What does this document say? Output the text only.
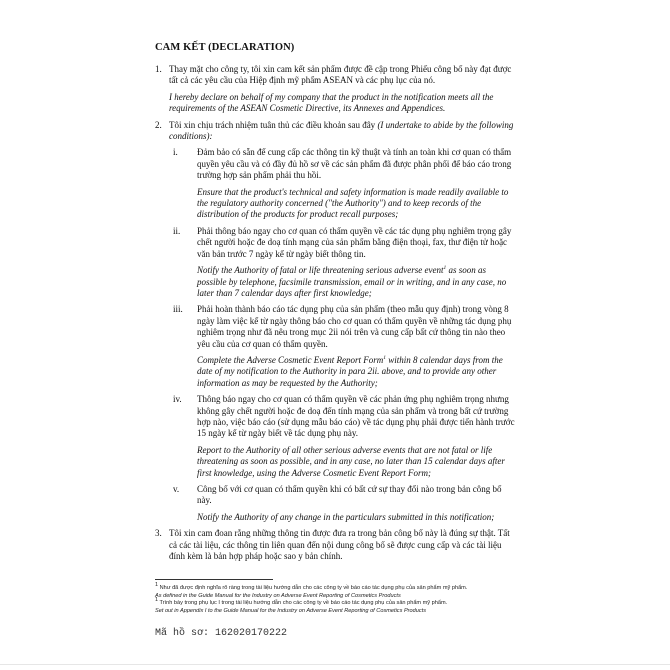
CAM KẾT (DECLARATION)
1. Thay mặt cho công ty, tôi xin cam kết sản phẩm được đề cập trong Phiếu công bố này đạt được tất cả các yêu cầu của Hiệp định mỹ phẩm ASEAN và các phụ lục của nó.

I hereby declare on behalf of my company that the product in the notification meets all the requirements of the ASEAN Cosmetic Directive, its Annexes and Appendices.

2. Tôi xin chịu trách nhiệm tuân thủ các điều khoản sau đây (I undertake to abide by the following conditions):

i. Đảm bảo có sẵn để cung cấp các thông tin kỹ thuật và tính an toàn khi cơ quan có thẩm quyền yêu cầu và có đầy đủ hồ sơ về các sản phẩm đã được phân phối để báo cáo trong trường hợp sản phẩm phải thu hồi.

Ensure that the product's technical and safety information is made readily available to the regulatory authority concerned ("the Authority") and to keep records of the distribution of the products for product recall purposes;

ii. Phải thông báo ngay cho cơ quan có thẩm quyền về các tác dụng phụ nghiêm trọng gây chết người hoặc đe doạ tính mạng của sản phẩm bằng điện thoại, fax, thư điện tử hoặc văn bản trước 7 ngày kể từ ngày biết thông tin.

Notify the Authority of fatal or life threatening serious adverse event$^1$ as soon as possible by telephone, facsimile transmission, email or in writing, and in any case, no later than 7 calendar days after first knowledge;

iii. Phải hoàn thành báo cáo tác dụng phụ của sản phẩm (theo mẫu quy định) trong vòng 8 ngày làm việc kể từ ngày thông báo cho cơ quan có thẩm quyền về những tác dụng phụ nghiêm trọng như đã nêu trong mục 2ii nói trên và cung cấp bất cứ thông tin nào theo yêu cầu của cơ quan có thẩm quyền.

Complete the Adverse Cosmetic Event Report Form$^1$ within 8 calendar days from the date of my notification to the Authority in para 2ii. above, and to provide any other information as may be requested by the Authority;

iv. Thông báo ngay cho cơ quan có thẩm quyền về các phản ứng phụ nghiêm trọng nhưng không gây chết người hoặc đe doạ đến tính mạng của sản phẩm và trong bất cứ trường hợp nào, việc báo cáo (sử dụng mẫu báo cáo) về tác dụng phụ phải được tiến hành trước 15 ngày kể từ ngày biết về tác dụng phụ này.

Report to the Authority of all other serious adverse events that are not fatal or life threatening as soon as possible, and in any case, no later than 15 calendar days after first knowledge, using the Adverse Cosmetic Event Report Form;

v. Công bố với cơ quan có thẩm quyền khi có bất cứ sự thay đổi nào trong bản công bố này.

Notify the Authority of any change in the particulars submitted in this notification;

3. Tôi xin cam đoan rằng những thông tin được đưa ra trong bản công bố này là đúng sự thật. Tất cả các tài liệu, các thông tin liên quan đến nội dung công bố sẽ được cung cấp và các tài liệu đính kèm là bản hợp pháp hoặc sao y bản chính.

$^1$ Như đã được định nghĩa rõ ràng trong tài liệu hướng dẫn cho các công ty về báo cáo tác dụng phụ của sản phẩm mỹ phẩm.
As defined in the Guide Manual for the Industry on Adverse Event Reporting of Cosmetics Products
$^1$ Trình bày trong phụ lục I trong tài liệu hướng dẫn cho các công ty về báo cáo tác dụng phụ của sản phẩm mỹ phẩm.
Set out in Appendix I to the Guide Manual for the Industry on Adverse Event Reporting of Cosmetics Products
Mã hồ sơ: 162020170222
